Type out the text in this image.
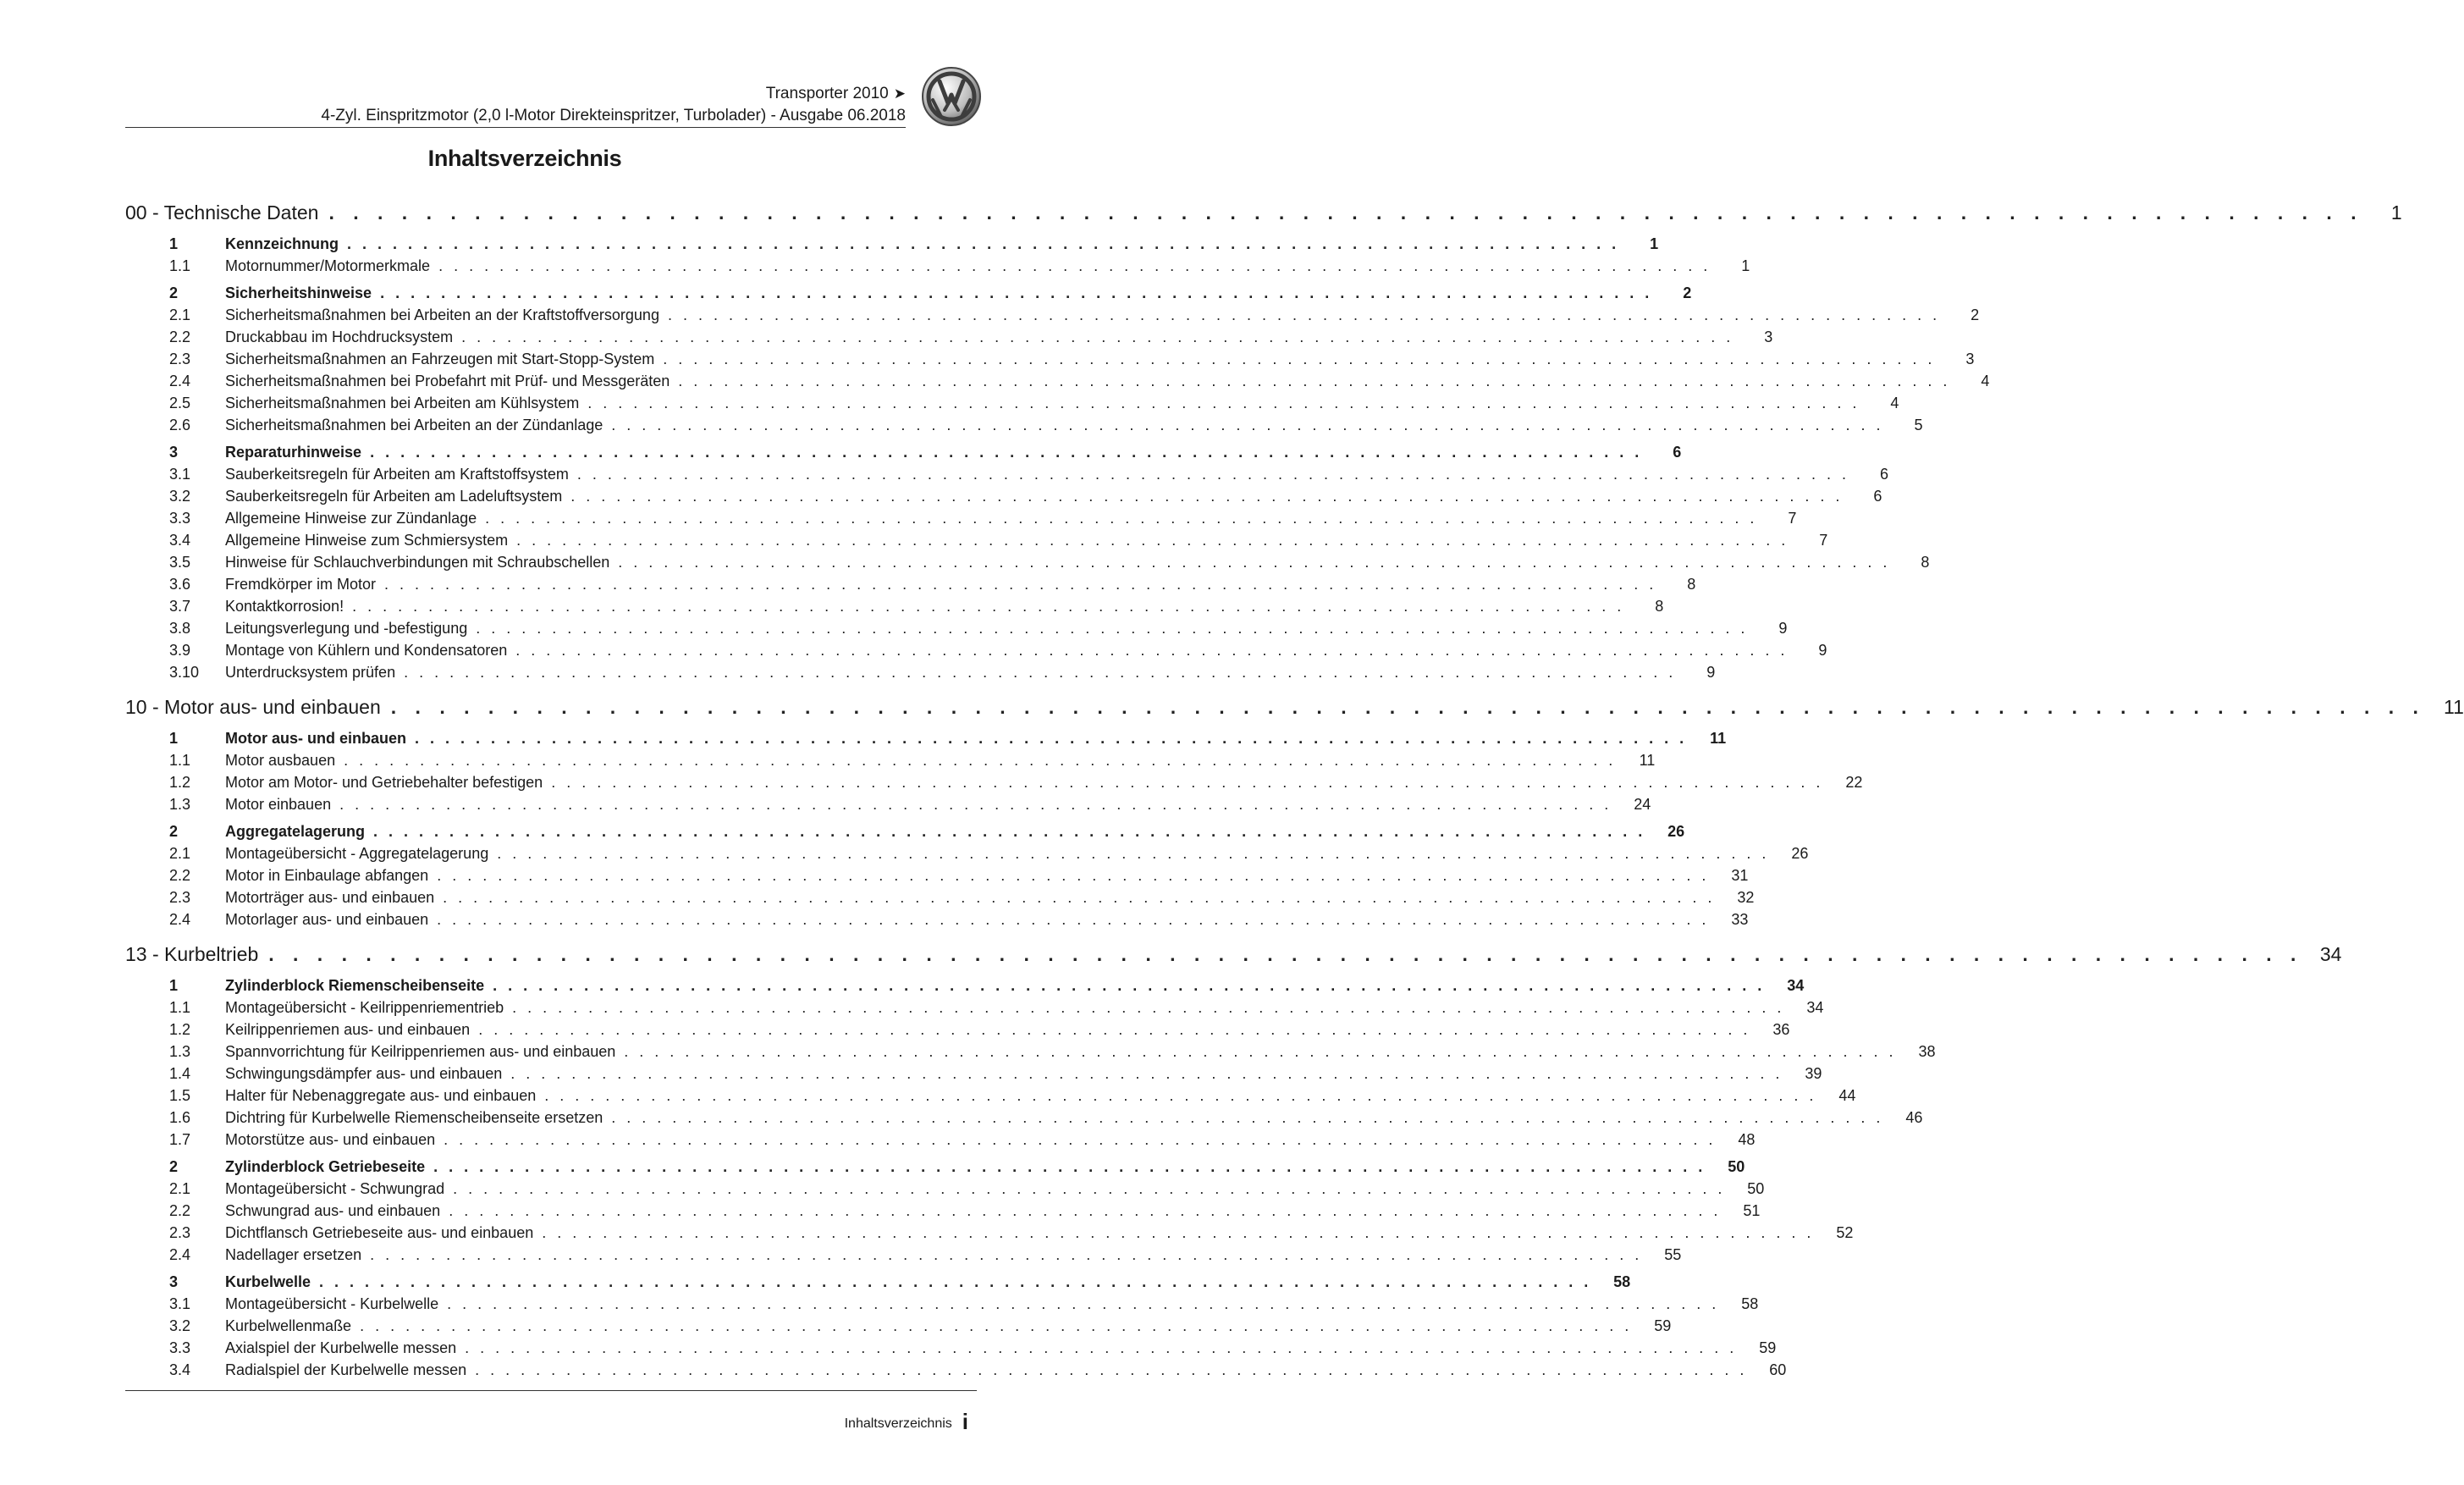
Transporter 2010 ➤
4-Zyl. Einspritzmotor (2,0 l-Motor Direkteinspritzer, Turbolader) - Ausgabe 06.2018
Inhaltsverzeichnis
00 - Technische Daten . . . . . . . . . . . . . . . . . . . . . . . . . . . . . . . . . . . . . . . . . . . . . . . . . . . . . . . . . . . . . . . . . . . . . . . . . . . . . . . . . . . .	1
1	Kennzeichnung . . . . . . . . . . . . . . . . . . . . . . . . . . . . . . . . . . . . . . . . . . . . . . . . . . . . . . . . . . . . . . . . . . . . . . . . . . . . . . . . . . . .	1
1.1	Motornummer/Motormerkmale . . . . . . . . . . . . . . . . . . . . . . . . . . . . . . . . . . . . . . . . . . . . . . . . . . . . . . . . . . . . . . . . . . . . . . . . . . . . . . . . . . . .	1
2	Sicherheitshinweise . . . . . . . . . . . . . . . . . . . . . . . . . . . . . . . . . . . . . . . . . . . . . . . . . . . . . . . . . . . . . . . . . . . . . . . . . . . . . . . . . . . .	2
2.1	Sicherheitsmaßnahmen bei Arbeiten an der Kraftstoffversorgung . . . . . . . . . . . . . . . . . . . . . . . . . . . . . . . . . . . . . . . . . . . . . . . . . . . . . . . . . . . . . . . . . . . . . . . . . . . . . . . . . . . .	2
2.2	Druckabbau im Hochdrucksystem . . . . . . . . . . . . . . . . . . . . . . . . . . . . . . . . . . . . . . . . . . . . . . . . . . . . . . . . . . . . . . . . . . . . . . . . . . . . . . . . . . . .	3
2.3	Sicherheitsmaßnahmen an Fahrzeugen mit Start-Stopp-System . . . . . . . . . . . . . . . . . . . . . . . . . . . . . . . . . . . . . . . . . . . . . . . . . . . . . . . . . . . . . . . . . . . . . . . . . . . . . . . . . . . .	3
2.4	Sicherheitsmaßnahmen bei Probefahrt mit Prüf- und Messgeräten . . . . . . . . . . . . . . . . . . . . . . . . . . . . . . . . . . . . . . . . . . . . . . . . . . . . . . . . . . . . . . . . . . . . . . . . . . . . . . . . . . . .	4
2.5	Sicherheitsmaßnahmen bei Arbeiten am Kühlsystem . . . . . . . . . . . . . . . . . . . . . . . . . . . . . . . . . . . . . . . . . . . . . . . . . . . . . . . . . . . . . . . . . . . . . . . . . . . . . . . . . . . .	4
2.6	Sicherheitsmaßnahmen bei Arbeiten an der Zündanlage . . . . . . . . . . . . . . . . . . . . . . . . . . . . . . . . . . . . . . . . . . . . . . . . . . . . . . . . . . . . . . . . . . . . . . . . . . . . . . . . . . . .	5
3	Reparaturhinweise . . . . . . . . . . . . . . . . . . . . . . . . . . . . . . . . . . . . . . . . . . . . . . . . . . . . . . . . . . . . . . . . . . . . . . . . . . . . . . . . . . . .	6
3.1	Sauberkeitsregeln für Arbeiten am Kraftstoffsystem . . . . . . . . . . . . . . . . . . . . . . . . . . . . . . . . . . . . . . . . . . . . . . . . . . . . . . . . . . . . . . . . . . . . . . . . . . . . . . . . . . . .	6
3.2	Sauberkeitsregeln für Arbeiten am Ladeluftsystem . . . . . . . . . . . . . . . . . . . . . . . . . . . . . . . . . . . . . . . . . . . . . . . . . . . . . . . . . . . . . . . . . . . . . . . . . . . . . . . . . . . .	6
3.3	Allgemeine Hinweise zur Zündanlage . . . . . . . . . . . . . . . . . . . . . . . . . . . . . . . . . . . . . . . . . . . . . . . . . . . . . . . . . . . . . . . . . . . . . . . . . . . . . . . . . . . .	7
3.4	Allgemeine Hinweise zum Schmiersystem . . . . . . . . . . . . . . . . . . . . . . . . . . . . . . . . . . . . . . . . . . . . . . . . . . . . . . . . . . . . . . . . . . . . . . . . . . . . . . . . . . . .	7
3.5	Hinweise für Schlauchverbindungen mit Schraubschellen . . . . . . . . . . . . . . . . . . . . . . . . . . . . . . . . . . . . . . . . . . . . . . . . . . . . . . . . . . . . . . . . . . . . . . . . . . . . . . . . . . . .	8
3.6	Fremdkörper im Motor . . . . . . . . . . . . . . . . . . . . . . . . . . . . . . . . . . . . . . . . . . . . . . . . . . . . . . . . . . . . . . . . . . . . . . . . . . . . . . . . . . . .	8
3.7	Kontaktkorrosion! . . . . . . . . . . . . . . . . . . . . . . . . . . . . . . . . . . . . . . . . . . . . . . . . . . . . . . . . . . . . . . . . . . . . . . . . . . . . . . . . . . . .	8
3.8	Leitungsverlegung und -befestigung . . . . . . . . . . . . . . . . . . . . . . . . . . . . . . . . . . . . . . . . . . . . . . . . . . . . . . . . . . . . . . . . . . . . . . . . . . . . . . . . . . . .	9
3.9	Montage von Kühlern und Kondensatoren . . . . . . . . . . . . . . . . . . . . . . . . . . . . . . . . . . . . . . . . . . . . . . . . . . . . . . . . . . . . . . . . . . . . . . . . . . . . . . . . . . . .	9
3.10	Unterdrucksystem prüfen . . . . . . . . . . . . . . . . . . . . . . . . . . . . . . . . . . . . . . . . . . . . . . . . . . . . . . . . . . . . . . . . . . . . . . . . . . . . . . . . . . . .	9
10 - Motor aus- und einbauen . . . . . . . . . . . . . . . . . . . . . . . . . . . . . . . . . . . . . . . . . . . . . . . . . . . . . . . . . . . . . . . . . . . . . . . . . . . . . . . . . . . . 11
1	Motor aus- und einbauen . . . . . . . . . . . . . . . . . . . . . . . . . . . . . . . . . . . . . . . . . . . . . . . . . . . . . . . . . . . . . . . . . . . . . . . . . . . . . . . . . . . .	11
1.1	Motor ausbauen . . . . . . . . . . . . . . . . . . . . . . . . . . . . . . . . . . . . . . . . . . . . . . . . . . . . . . . . . . . . . . . . . . . . . . . . . . . . . . . . . . . .	11
1.2	Motor am Motor- und Getriebehalter befestigen . . . . . . . . . . . . . . . . . . . . . . . . . . . . . . . . . . . . . . . . . . . . . . . . . . . . . . . . . . . . . . . . . . . . . . . . . . . . . . . . . . . .	22
1.3	Motor einbauen . . . . . . . . . . . . . . . . . . . . . . . . . . . . . . . . . . . . . . . . . . . . . . . . . . . . . . . . . . . . . . . . . . . . . . . . . . . . . . . . . . . .	24
2	Aggregatelagerung . . . . . . . . . . . . . . . . . . . . . . . . . . . . . . . . . . . . . . . . . . . . . . . . . . . . . . . . . . . . . . . . . . . . . . . . . . . . . . . . . . . .	26
2.1	Montageübersicht - Aggregatelagerung . . . . . . . . . . . . . . . . . . . . . . . . . . . . . . . . . . . . . . . . . . . . . . . . . . . . . . . . . . . . . . . . . . . . . . . . . . . . . . . . . . . .	26
2.2	Motor in Einbaulage abfangen . . . . . . . . . . . . . . . . . . . . . . . . . . . . . . . . . . . . . . . . . . . . . . . . . . . . . . . . . . . . . . . . . . . . . . . . . . . . . . . . . . . .	31
2.3	Motorträger aus- und einbauen . . . . . . . . . . . . . . . . . . . . . . . . . . . . . . . . . . . . . . . . . . . . . . . . . . . . . . . . . . . . . . . . . . . . . . . . . . . . . . . . . . . .	32
2.4	Motorlager aus- und einbauen . . . . . . . . . . . . . . . . . . . . . . . . . . . . . . . . . . . . . . . . . . . . . . . . . . . . . . . . . . . . . . . . . . . . . . . . . . . . . . . . . . . .	33
13 - Kurbeltrieb . . . . . . . . . . . . . . . . . . . . . . . . . . . . . . . . . . . . . . . . . . . . . . . . . . . . . . . . . . . . . . . . . . . . . . . . . . . . . . . . . . . . 34
1	Zylinderblock Riemenscheibenseite . . . . . . . . . . . . . . . . . . . . . . . . . . . . . . . . . . . . . . . . . . . . . . . . . . . . . . . . . . . . . . . . . . . . . . . . . . . . . . . . . . . .	34
1.1	Montageübersicht - Keilrippenriementrieb . . . . . . . . . . . . . . . . . . . . . . . . . . . . . . . . . . . . . . . . . . . . . . . . . . . . . . . . . . . . . . . . . . . . . . . . . . . . . . . . . . . .	34
1.2	Keilrippenriemen aus- und einbauen . . . . . . . . . . . . . . . . . . . . . . . . . . . . . . . . . . . . . . . . . . . . . . . . . . . . . . . . . . . . . . . . . . . . . . . . . . . . . . . . . . . .	36
1.3	Spannvorrichtung für Keilrippenriemen aus- und einbauen . . . . . . . . . . . . . . . . . . . . . . . . . . . . . . . . . . . . . . . . . . . . . . . . . . . . . . . . . . . . . . . . . . . . . . . . . . . . . . . . . . . .	38
1.4	Schwingungsdämpfer aus- und einbauen . . . . . . . . . . . . . . . . . . . . . . . . . . . . . . . . . . . . . . . . . . . . . . . . . . . . . . . . . . . . . . . . . . . . . . . . . . . . . . . . . . . .	39
1.5	Halter für Nebenaggregate aus- und einbauen . . . . . . . . . . . . . . . . . . . . . . . . . . . . . . . . . . . . . . . . . . . . . . . . . . . . . . . . . . . . . . . . . . . . . . . . . . . . . . . . . . . .	44
1.6	Dichtring für Kurbelwelle Riemenscheibenseite ersetzen . . . . . . . . . . . . . . . . . . . . . . . . . . . . . . . . . . . . . . . . . . . . . . . . . . . . . . . . . . . . . . . . . . . . . . . . . . . . . . . . . . . .	46
1.7	Motorstütze aus- und einbauen . . . . . . . . . . . . . . . . . . . . . . . . . . . . . . . . . . . . . . . . . . . . . . . . . . . . . . . . . . . . . . . . . . . . . . . . . . . . . . . . . . . .	48
2	Zylinderblock Getriebeseite . . . . . . . . . . . . . . . . . . . . . . . . . . . . . . . . . . . . . . . . . . . . . . . . . . . . . . . . . . . . . . . . . . . . . . . . . . . . . . . . . . . .	50
2.1	Montageübersicht - Schwungrad . . . . . . . . . . . . . . . . . . . . . . . . . . . . . . . . . . . . . . . . . . . . . . . . . . . . . . . . . . . . . . . . . . . . . . . . . . . . . . . . . . . .	50
2.2	Schwungrad aus- und einbauen . . . . . . . . . . . . . . . . . . . . . . . . . . . . . . . . . . . . . . . . . . . . . . . . . . . . . . . . . . . . . . . . . . . . . . . . . . . . . . . . . . . .	51
2.3	Dichtflansch Getriebeseite aus- und einbauen . . . . . . . . . . . . . . . . . . . . . . . . . . . . . . . . . . . . . . . . . . . . . . . . . . . . . . . . . . . . . . . . . . . . . . . . . . . . . . . . . . . .	52
2.4	Nadellager ersetzen . . . . . . . . . . . . . . . . . . . . . . . . . . . . . . . . . . . . . . . . . . . . . . . . . . . . . . . . . . . . . . . . . . . . . . . . . . . . . . . . . . . .	55
3	Kurbelwelle . . . . . . . . . . . . . . . . . . . . . . . . . . . . . . . . . . . . . . . . . . . . . . . . . . . . . . . . . . . . . . . . . . . . . . . . . . . . . . . . . . . .	58
3.1	Montageübersicht - Kurbelwelle . . . . . . . . . . . . . . . . . . . . . . . . . . . . . . . . . . . . . . . . . . . . . . . . . . . . . . . . . . . . . . . . . . . . . . . . . . . . . . . . . . . .	58
3.2	Kurbelwellenmaße . . . . . . . . . . . . . . . . . . . . . . . . . . . . . . . . . . . . . . . . . . . . . . . . . . . . . . . . . . . . . . . . . . . . . . . . . . . . . . . . . . . .	59
3.3	Axialspiel der Kurbelwelle messen . . . . . . . . . . . . . . . . . . . . . . . . . . . . . . . . . . . . . . . . . . . . . . . . . . . . . . . . . . . . . . . . . . . . . . . . . . . . . . . . . . . .	59
3.4	Radialspiel der Kurbelwelle messen . . . . . . . . . . . . . . . . . . . . . . . . . . . . . . . . . . . . . . . . . . . . . . . . . . . . . . . . . . . . . . . . . . . . . . . . . . . . . . . . . . . .	60
Inhaltsverzeichnis i
